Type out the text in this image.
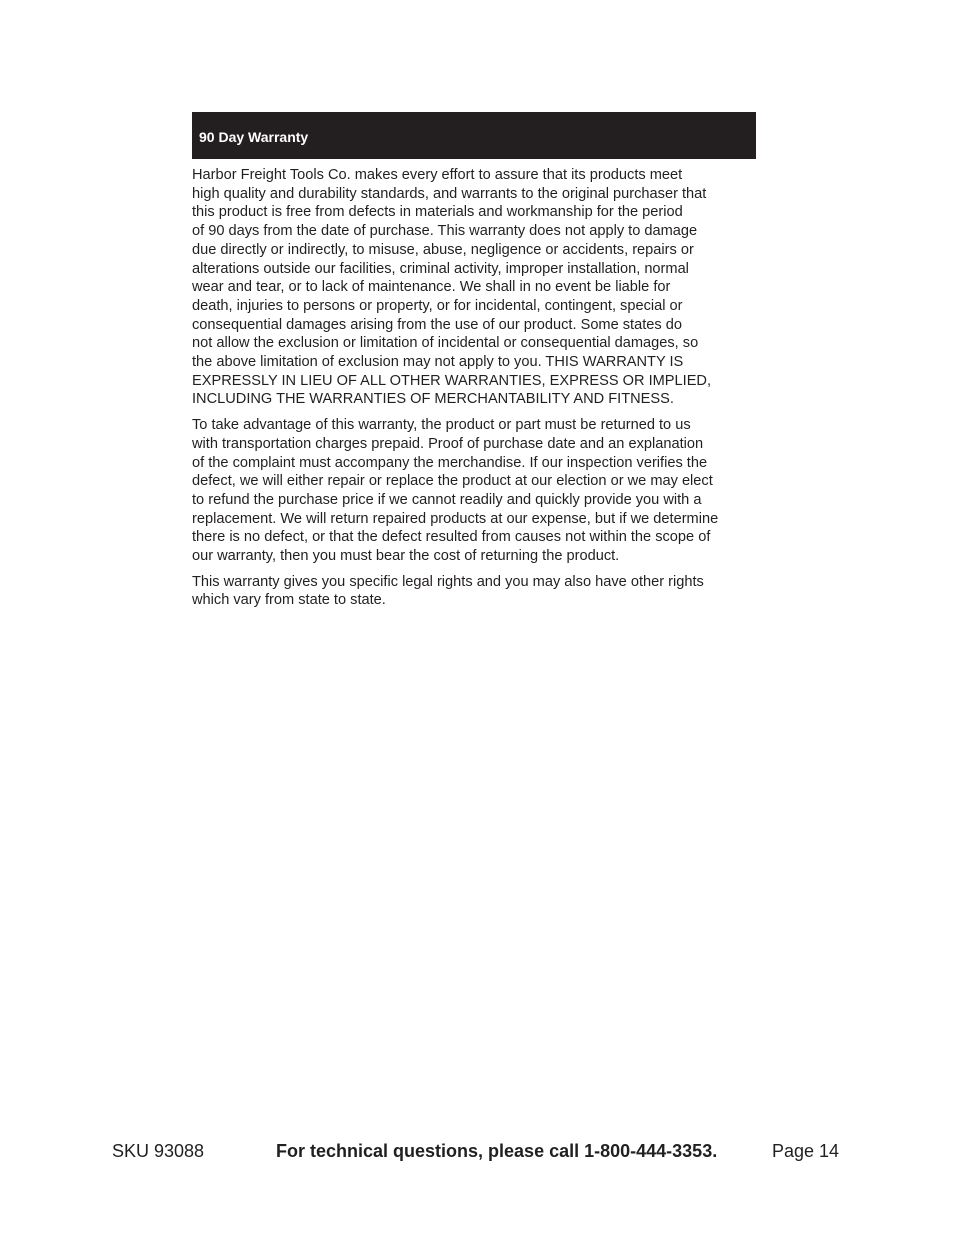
90 Day Warranty

Harbor Freight Tools Co. makes every effort to assure that its products meet
high quality and durability standards, and warrants to the original purchaser that
this product is free from defects in materials and workmanship for the period
of 90 days from the date of purchase. This warranty does not apply to damage
due directly or indirectly, to misuse, abuse, negligence or accidents, repairs or
alterations outside our facilities, criminal activity, improper installation, normal
wear and tear, or to lack of maintenance. We shall in no event be liable for
death, injuries to persons or property, or for incidental, contingent, special or
consequential damages arising from the use of our product. Some states do
not allow the exclusion or limitation of incidental or consequential damages, so
the above limitation of exclusion may not apply to you. THIS WARRANTY IS
EXPRESSLY IN LIEU OF ALL OTHER WARRANTIES, EXPRESS OR IMPLIED,
INCLUDING THE WARRANTIES OF MERCHANTABILITY AND FITNESS.

To take advantage of this warranty, the product or part must be returned to us
with transportation charges prepaid. Proof of purchase date and an explanation
of the complaint must accompany the merchandise. If our inspection verifies the
defect, we will either repair or replace the product at our election or we may elect
to refund the purchase price if we cannot readily and quickly provide you with a
replacement. We will return repaired products at our expense, but if we determine
there is no defect, or that the defect resulted from causes not within the scope of
our warranty, then you must bear the cost of returning the product.

This warranty gives you specific legal rights and you may also have other rights
which vary from state to state.

SKU 93088	For technical questions, please call 1-800-444-3353.	Page 14
